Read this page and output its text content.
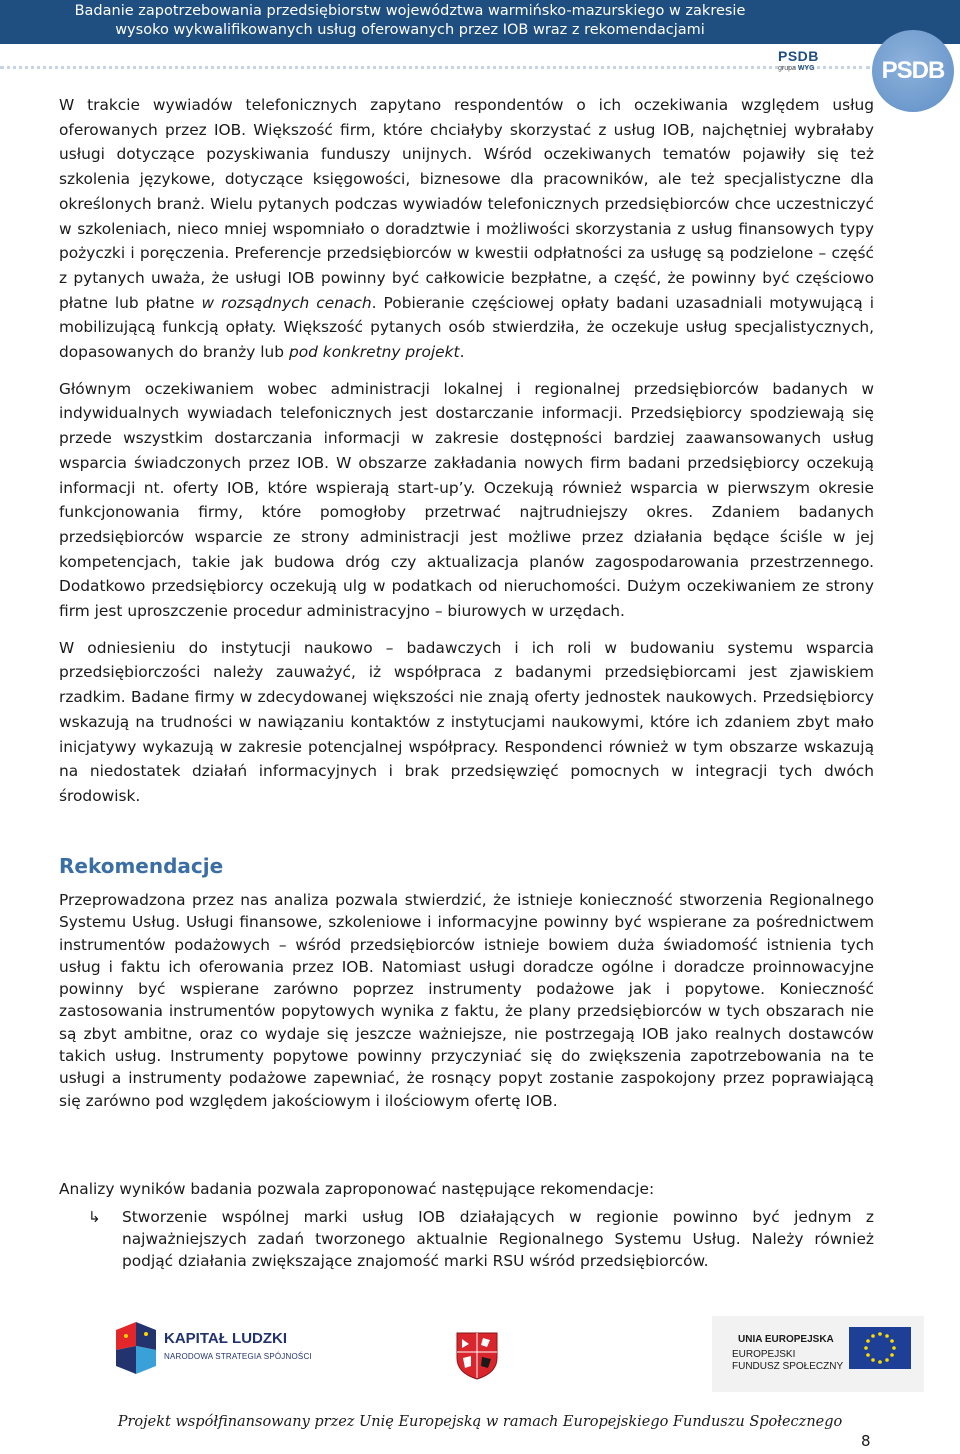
Badanie zapotrzebowania przedsiębiorstw województwa warmińsko-mazurskiego w zakresie
wysoko wykwalifikowanych usług oferowanych przez IOB wraz z rekomendacjami
PSDB
grupa WYG	PSDB

W trakcie wywiadów telefonicznych zapytano respondentów o ich oczekiwania względem usług oferowanych przez IOB. Większość firm, które chciałyby skorzystać z usług IOB, najchętniej wybrałaby usługi dotyczące pozyskiwania funduszy unijnych. Wśród oczekiwanych tematów pojawiły się też szkolenia językowe, dotyczące księgowości, biznesowe dla pracowników, ale też specjalistyczne dla określonych branż. Wielu pytanych podczas wywiadów telefonicznych przedsiębiorców chce uczestniczyć w szkoleniach, nieco mniej wspomniało o doradztwie i możliwości skorzystania z usług finansowych typy pożyczki i poręczenia. Preferencje przedsiębiorców w kwestii odpłatności za usługę są podzielone – część z pytanych uważa, że usługi IOB powinny być całkowicie bezpłatne, a część, że powinny być częściowo płatne lub płatne w rozsądnych cenach. Pobieranie częściowej opłaty badani uzasadniali motywującą i mobilizującą funkcją opłaty. Większość pytanych osób stwierdziła, że oczekuje usług specjalistycznych, dopasowanych do branży lub pod konkretny projekt.

Głównym oczekiwaniem wobec administracji lokalnej i regionalnej przedsiębiorców badanych w indywidualnych wywiadach telefonicznych jest dostarczanie informacji. Przedsiębiorcy spodziewają się przede wszystkim dostarczania informacji w zakresie dostępności bardziej zaawansowanych usług wsparcia świadczonych przez IOB. W obszarze zakładania nowych firm badani przedsiębiorcy oczekują informacji nt. oferty IOB, które wspierają start-up’y. Oczekują również wsparcia w pierwszym okresie funkcjonowania firmy, które pomogłoby przetrwać najtrudniejszy okres. Zdaniem badanych przedsiębiorców wsparcie ze strony administracji jest możliwe przez działania będące ściśle w jej kompetencjach, takie jak budowa dróg czy aktualizacja planów zagospodarowania przestrzennego. Dodatkowo przedsiębiorcy oczekują ulg w podatkach od nieruchomości. Dużym oczekiwaniem ze strony firm jest uproszczenie procedur administracyjno – biurowych w urzędach.

W odniesieniu do instytucji naukowo – badawczych i ich roli w budowaniu systemu wsparcia przedsiębiorczości należy zauważyć, iż współpraca z badanymi przedsiębiorcami jest zjawiskiem rzadkim. Badane firmy w zdecydowanej większości nie znają oferty jednostek naukowych. Przedsiębiorcy wskazują na trudności w nawiązaniu kontaktów z instytucjami naukowymi, które ich zdaniem zbyt mało inicjatywy wykazują w zakresie potencjalnej współpracy. Respondenci również w tym obszarze wskazują na niedostatek działań informacyjnych i brak przedsięwzięć pomocnych w integracji tych dwóch środowisk.

Rekomendacje

Przeprowadzona przez nas analiza pozwala stwierdzić, że istnieje konieczność stworzenia Regionalnego Systemu Usług. Usługi finansowe, szkoleniowe i informacyjne powinny być wspierane za pośrednictwem instrumentów podażowych – wśród przedsiębiorców istnieje bowiem duża świadomość istnienia tych usług i faktu ich oferowania przez IOB. Natomiast usługi doradcze ogólne i doradcze proinnowacyjne powinny być wspierane zarówno poprzez instrumenty podażowe jak i popytowe. Konieczność zastosowania instrumentów popytowych wynika z faktu, że plany przedsiębiorców w tych obszarach nie są zbyt ambitne, oraz co wydaje się jeszcze ważniejsze, nie postrzegają IOB jako realnych dostawców takich usług. Instrumenty popytowe powinny przyczyniać się do zwiększenia zapotrzebowania na te usługi a instrumenty podażowe zapewniać, że rosnący popyt zostanie zaspokojony przez poprawiającą się zarówno pod względem jakościowym i ilościowym ofertę IOB.

Analizy wyników badania pozwala zaproponować następujące rekomendacje:

↳	Stworzenie wspólnej marki usług IOB działających w regionie powinno być jednym z najważniejszych zadań tworzonego aktualnie Regionalnego Systemu Usług. Należy również podjąć działania zwiększające znajomość marki RSU wśród przedsiębiorców.

KAPITAŁ LUDZKI
NARODOWA STRATEGIA SPÓJNOŚCI
UNIA EUROPEJSKA
EUROPEJSKI
FUNDUSZ SPOŁECZNY
Projekt współfinansowany przez Unię Europejską w ramach Europejskiego Funduszu Społecznego
8
